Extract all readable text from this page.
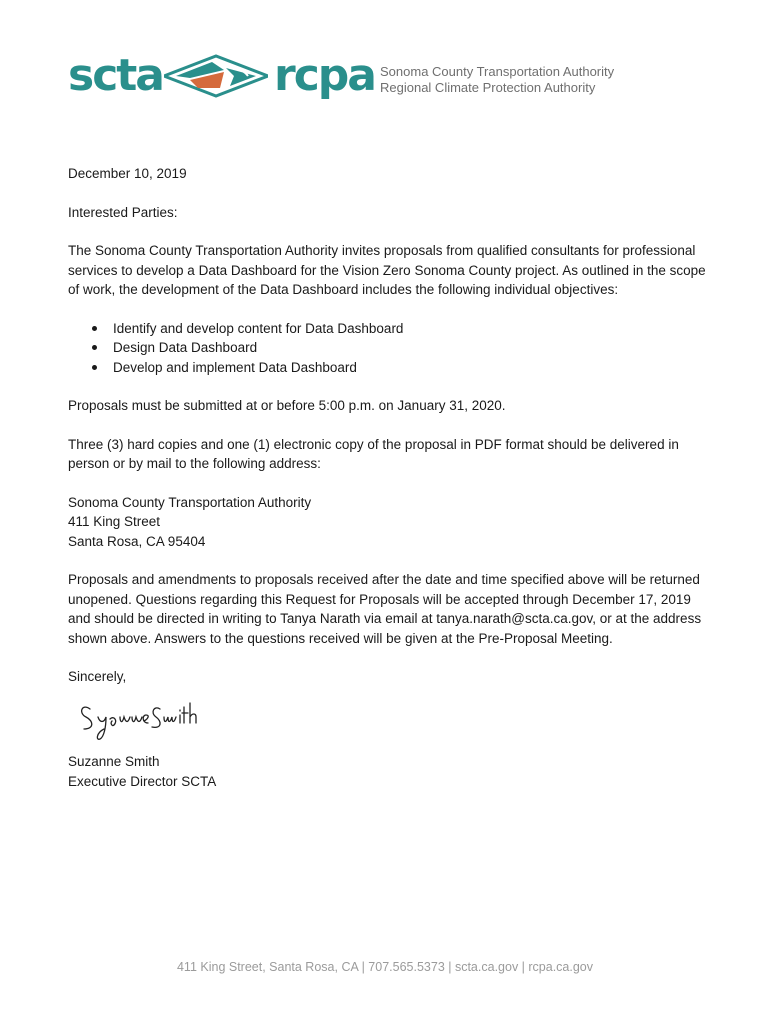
scta	rcpa Sonoma County Transportation Authority
Regional Climate Protection Authority

December 10, 2019

Interested Parties:

The Sonoma County Transportation Authority invites proposals from qualified consultants for professional services to develop a Data Dashboard for the Vision Zero Sonoma County project. As outlined in the scope of work, the development of the Data Dashboard includes the following individual objectives:

Identify and develop content for Data Dashboard
Design Data Dashboard
Develop and implement Data Dashboard

Proposals must be submitted at or before 5:00 p.m. on January 31, 2020.

Three (3) hard copies and one (1) electronic copy of the proposal in PDF format should be delivered in person or by mail to the following address:

Sonoma County Transportation Authority
411 King Street
Santa Rosa, CA 95404

Proposals and amendments to proposals received after the date and time specified above will be returned unopened. Questions regarding this Request for Proposals will be accepted through December 17, 2019 and should be directed in writing to Tanya Narath via email at tanya.narath@scta.ca.gov, or at the address shown above. Answers to the questions received will be given at the Pre-Proposal Meeting.

Sincerely,

Suzanne Smith
Executive Director SCTA

411 King Street, Santa Rosa, CA | 707.565.5373 | scta.ca.gov | rcpa.ca.gov
